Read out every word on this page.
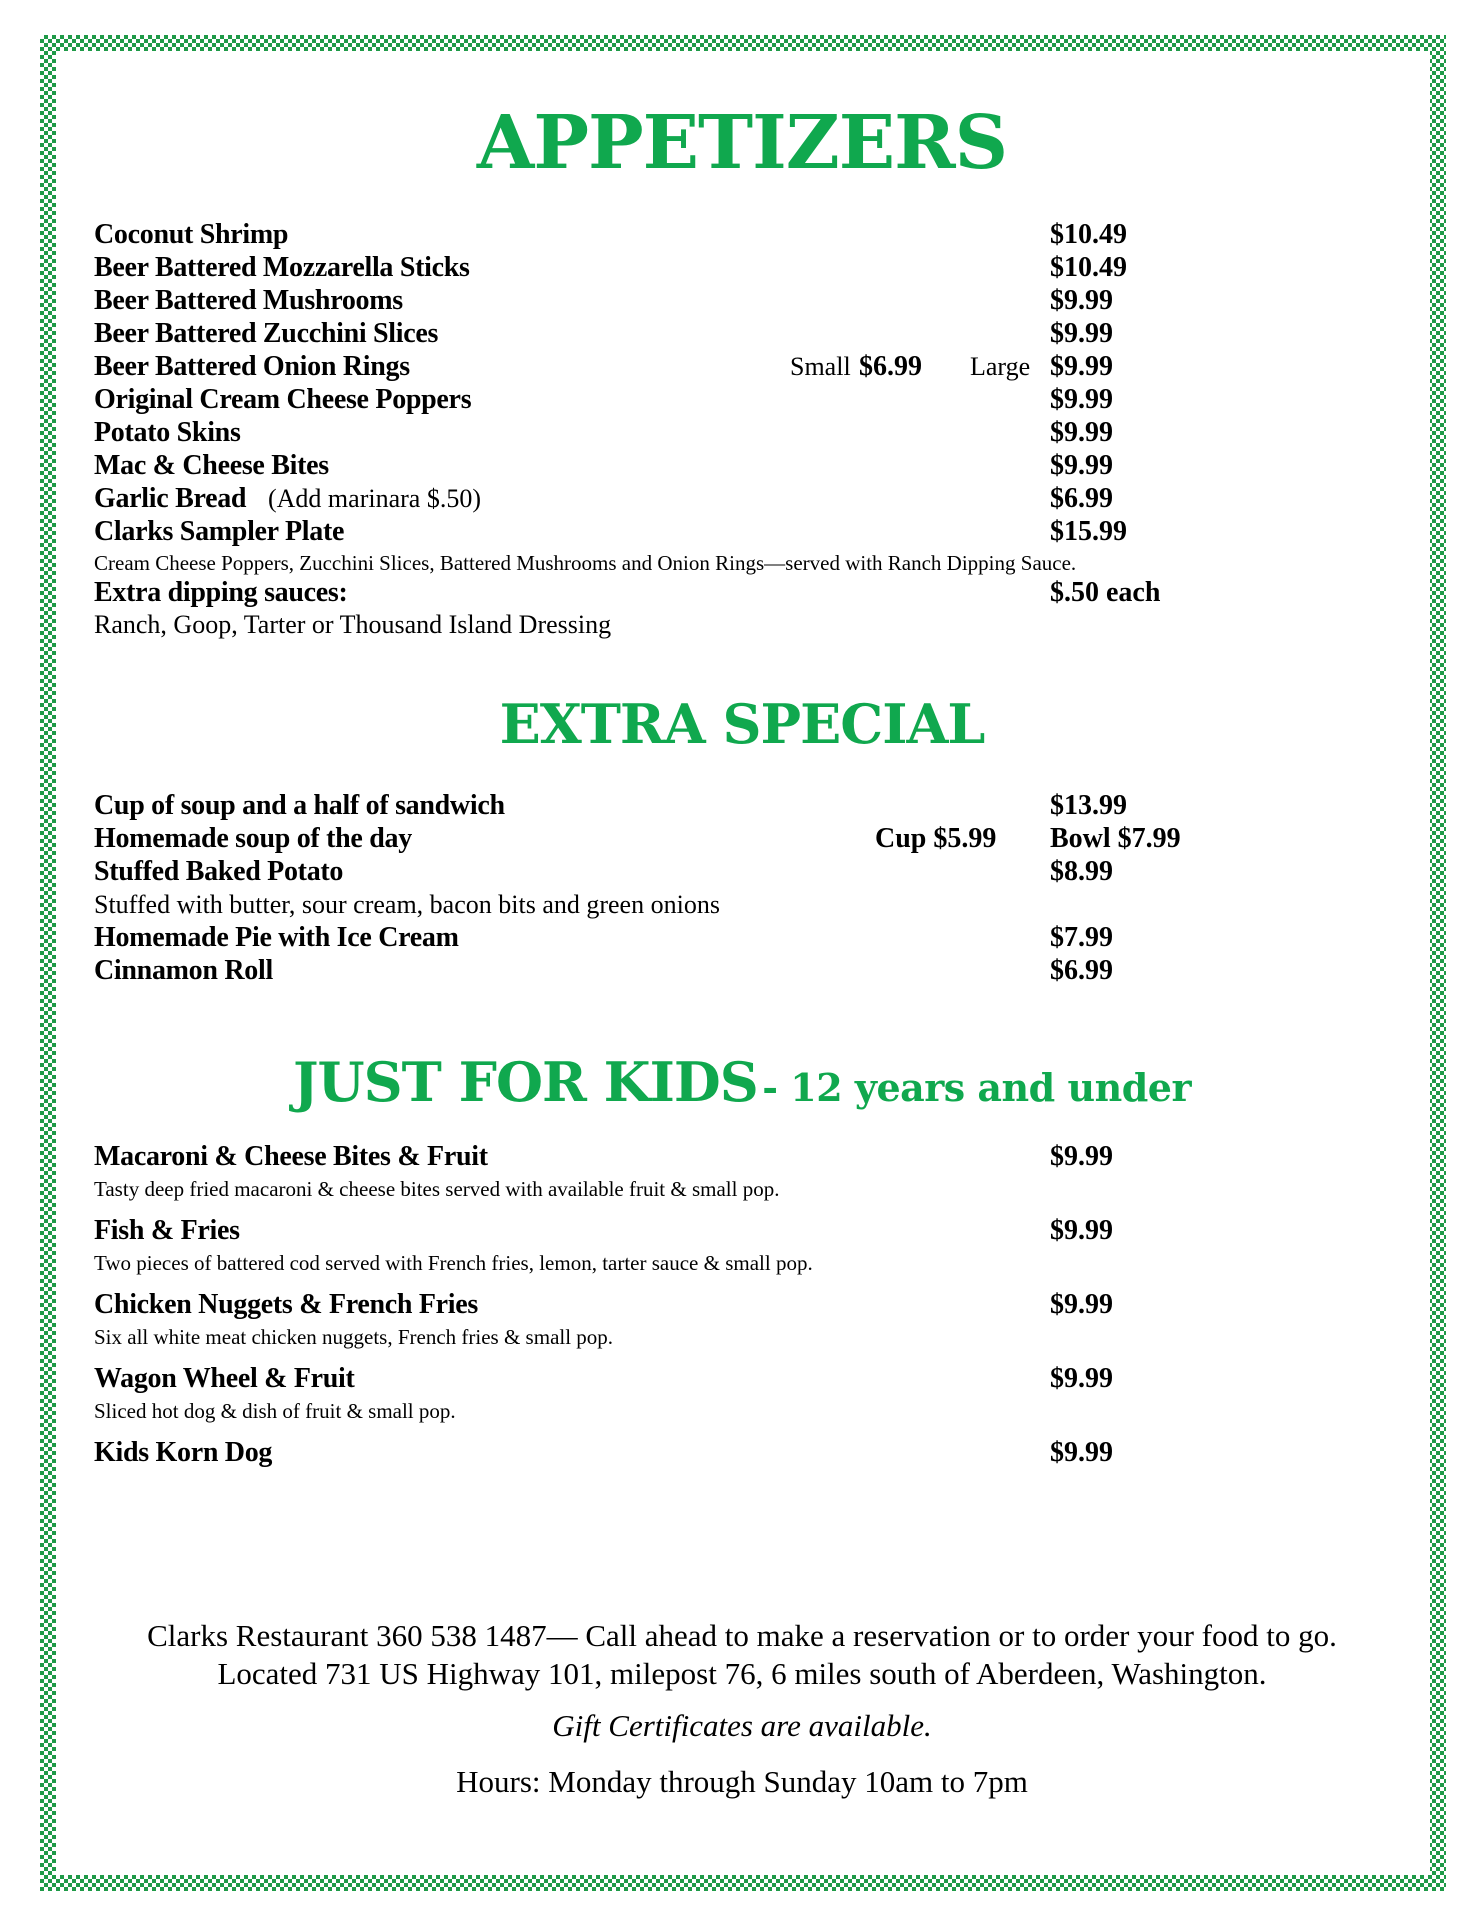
APPETIZERS
Coconut Shrimp	$10.49
Beer Battered Mozzarella Sticks	$10.49
Beer Battered Mushrooms	$9.99
Beer Battered Zucchini Slices	$9.99
Beer Battered Onion Rings	Small $6.99 Large $9.99
Original Cream Cheese Poppers	$9.99
Potato Skins	$9.99
Mac & Cheese Bites	$9.99
Garlic Bread (Add marinara $.50)	$6.99
Clarks Sampler Plate	$15.99
Cream Cheese Poppers, Zucchini Slices, Battered Mushrooms and Onion Rings—served with Ranch Dipping Sauce.
Extra dipping sauces:	$.50 each
Ranch, Goop, Tarter or Thousand Island Dressing
EXTRA SPECIAL
Cup of soup and a half of sandwich	$13.99
Homemade soup of the day	Cup $5.99 Bowl $7.99
Stuffed Baked Potato	$8.99
Stuffed with butter, sour cream, bacon bits and green onions
Homemade Pie with Ice Cream	$7.99
Cinnamon Roll	$6.99
JUST FOR KIDS - 12 years and under
Macaroni & Cheese Bites & Fruit	$9.99
Tasty deep fried macaroni & cheese bites served with available fruit & small pop.
Fish & Fries	$9.99
Two pieces of battered cod served with French fries, lemon, tarter sauce & small pop.
Chicken Nuggets & French Fries	$9.99
Six all white meat chicken nuggets, French fries & small pop.
Wagon Wheel & Fruit	$9.99
Sliced hot dog & dish of fruit & small pop.
Kids Korn Dog	$9.99
Clarks Restaurant 360 538 1487— Call ahead to make a reservation or to order your food to go.
Located 731 US Highway 101, milepost 76, 6 miles south of Aberdeen, Washington.
Gift Certificates are available.
Hours: Monday through Sunday 10am to 7pm
